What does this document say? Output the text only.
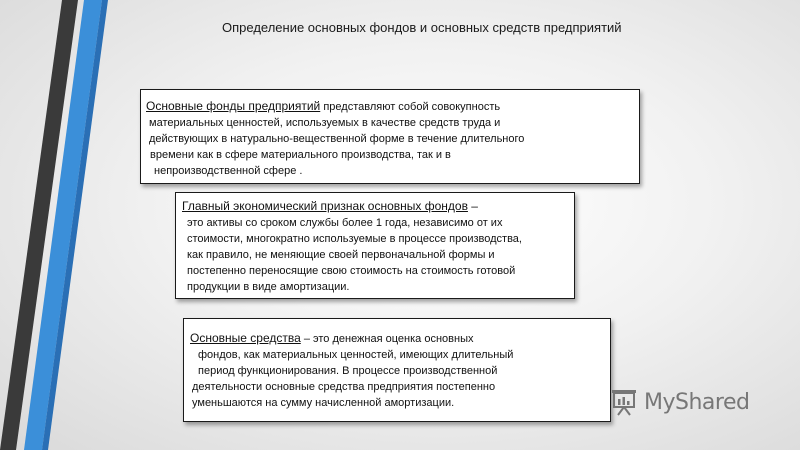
Определение основных фондов и основных средств предприятий
Основные фонды предприятий представляют собой совокупность
материальных ценностей, используемых в качестве средств труда и
действующих в натурально-вещественной форме в течение длительного
времени как в сфере материального производства, так и в
непроизводственной сфере .
Главный экономический признак основных фондов –
это активы со сроком службы более 1 года, независимо от их
стоимости, многократно используемые в процессе производства,
как правило, не меняющие своей первоначальной формы и
постепенно переносящие свою стоимость на стоимость готовой
продукции в виде амортизации.
Основные средства – это денежная оценка основных
фондов, как материальных ценностей, имеющих длительный
период функционирования. В процессе производственной
деятельности основные средства предприятия постепенно
уменьшаются на сумму начисленной амортизации.	MyShared
